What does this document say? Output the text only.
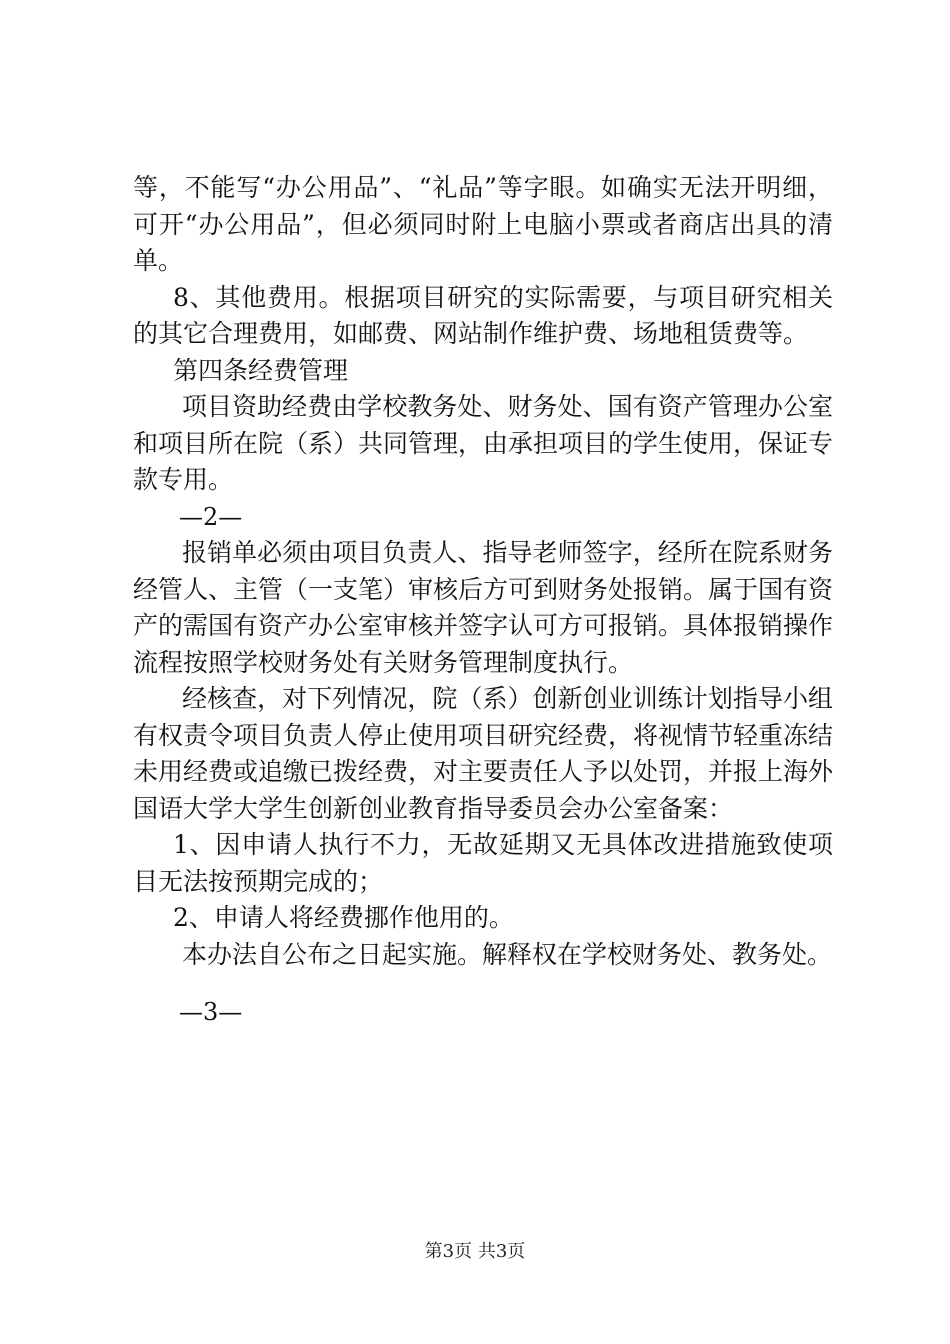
等，不能写“办公用品”、“礼品”等字眼。如确实无法开明细，可开“办公用品”，但必须同时附上电脑小票或者商店出具的清单。

8、其他费用。根据项目研究的实际需要，与项目研究相关的其它合理费用，如邮费、网站制作维护费、场地租赁费等。

第四条经费管理

项目资助经费由学校教务处、财务处、国有资产管理办公室和项目所在院（系）共同管理，由承担项目的学生使用，保证专款专用。

—2—

报销单必须由项目负责人、指导老师签字，经所在院系财务经管人、主管（一支笔）审核后方可到财务处报销。属于国有资产的需国有资产办公室审核并签字认可方可报销。具体报销操作流程按照学校财务处有关财务管理制度执行。

经核查，对下列情况，院（系）创新创业训练计划指导小组有权责令项目负责人停止使用项目研究经费，将视情节轻重冻结未用经费或追缴已拨经费，对主要责任人予以处罚，并报上海外国语大学大学生创新创业教育指导委员会办公室备案：

1、因申请人执行不力，无故延期又无具体改进措施致使项目无法按预期完成的；

2、申请人将经费挪作他用的。

本办法自公布之日起实施。解释权在学校财务处、教务处。

—3—

第3页 共3页
